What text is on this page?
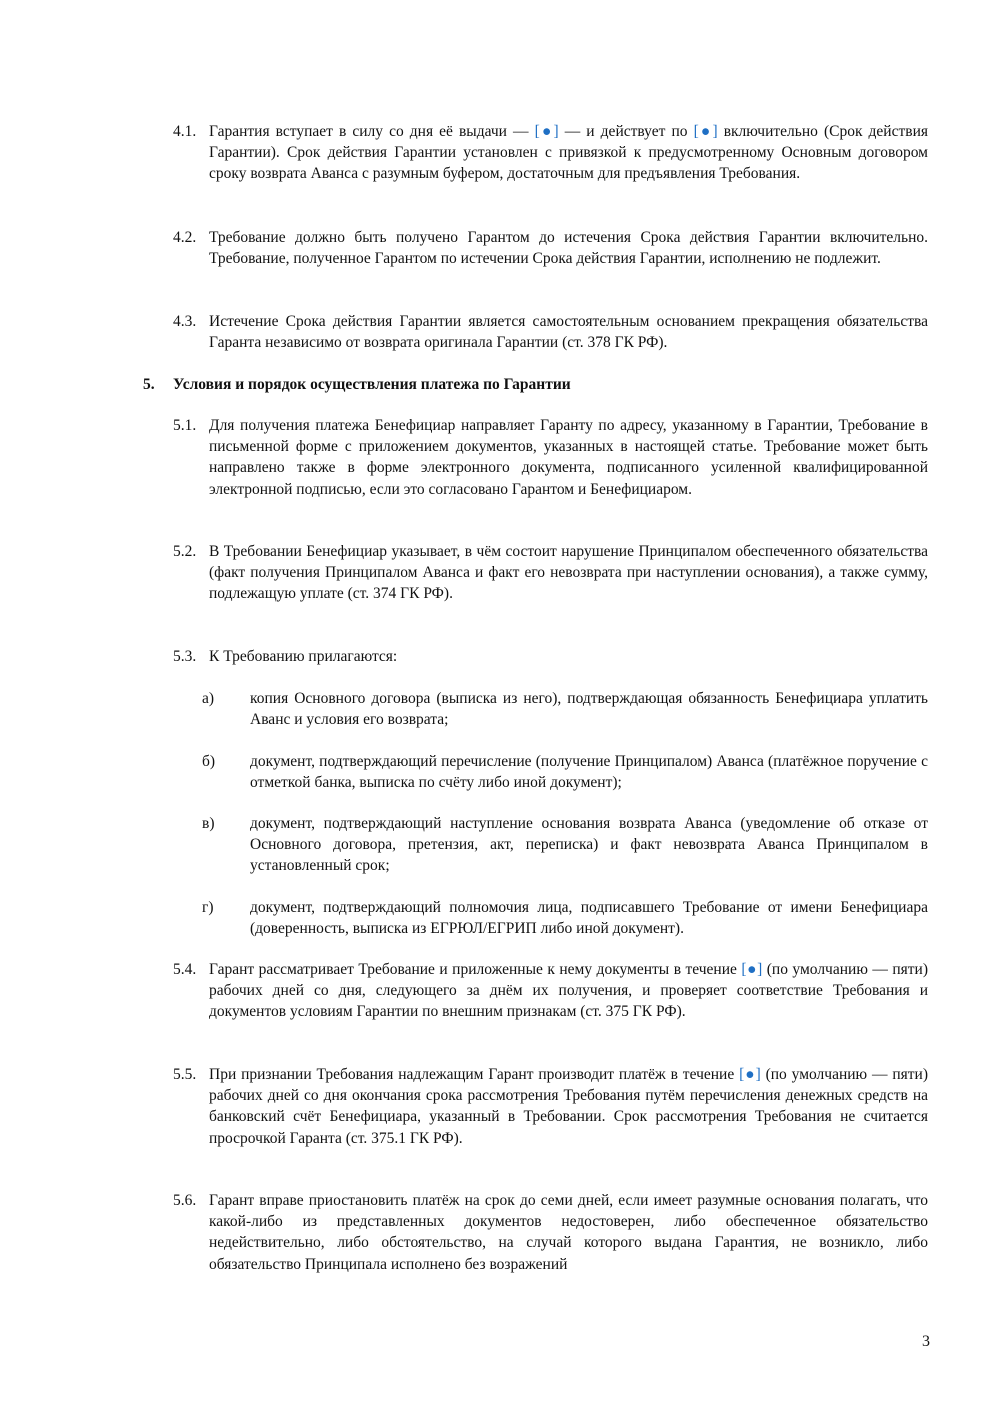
4.1. Гарантия вступает в силу со дня её выдачи — [●] — и действует по [●] включительно (Срок действия Гарантии). Срок действия Гарантии установлен с привязкой к предусмотренному Основным договором сроку возврата Аванса с разумным буфером, достаточным для предъявления Требования.
4.2. Требование должно быть получено Гарантом до истечения Срока действия Гарантии включительно. Требование, полученное Гарантом по истечении Срока действия Гарантии, исполнению не подлежит.
4.3. Истечение Срока действия Гарантии является самостоятельным основанием прекращения обязательства Гаранта независимо от возврата оригинала Гарантии (ст. 378 ГК РФ).
5. Условия и порядок осуществления платежа по Гарантии
5.1. Для получения платежа Бенефициар направляет Гаранту по адресу, указанному в Гарантии, Требование в письменной форме с приложением документов, указанных в настоящей статье. Требование может быть направлено также в форме электронного документа, подписанного усиленной квалифицированной электронной подписью, если это согласовано Гарантом и Бенефициаром.
5.2. В Требовании Бенефициар указывает, в чём состоит нарушение Принципалом обеспеченного обязательства (факт получения Принципалом Аванса и факт его невозврата при наступлении основания), а также сумму, подлежащую уплате (ст. 374 ГК РФ).
5.3. К Требованию прилагаются:
а) копия Основного договора (выписка из него), подтверждающая обязанность Бенефициара уплатить Аванс и условия его возврата;
б) документ, подтверждающий перечисление (получение Принципалом) Аванса (платёжное поручение с отметкой банка, выписка по счёту либо иной документ);
в) документ, подтверждающий наступление основания возврата Аванса (уведомление об отказе от Основного договора, претензия, акт, переписка) и факт невозврата Аванса Принципалом в установленный срок;
г) документ, подтверждающий полномочия лица, подписавшего Требование от имени Бенефициара (доверенность, выписка из ЕГРЮЛ/ЕГРИП либо иной документ).
5.4. Гарант рассматривает Требование и приложенные к нему документы в течение [●] (по умолчанию — пяти) рабочих дней со дня, следующего за днём их получения, и проверяет соответствие Требования и документов условиям Гарантии по внешним признакам (ст. 375 ГК РФ).
5.5. При признании Требования надлежащим Гарант производит платёж в течение [●] (по умолчанию — пяти) рабочих дней со дня окончания срока рассмотрения Требования путём перечисления денежных средств на банковский счёт Бенефициара, указанный в Требовании. Срок рассмотрения Требования не считается просрочкой Гаранта (ст. 375.1 ГК РФ).
5.6. Гарант вправе приостановить платёж на срок до семи дней, если имеет разумные основания полагать, что какой-либо из представленных документов недостоверен, либо обеспеченное обязательство недействительно, либо обстоятельство, на случай которого выдана Гарантия, не возникло, либо обязательство Принципала исполнено без возражений
3
